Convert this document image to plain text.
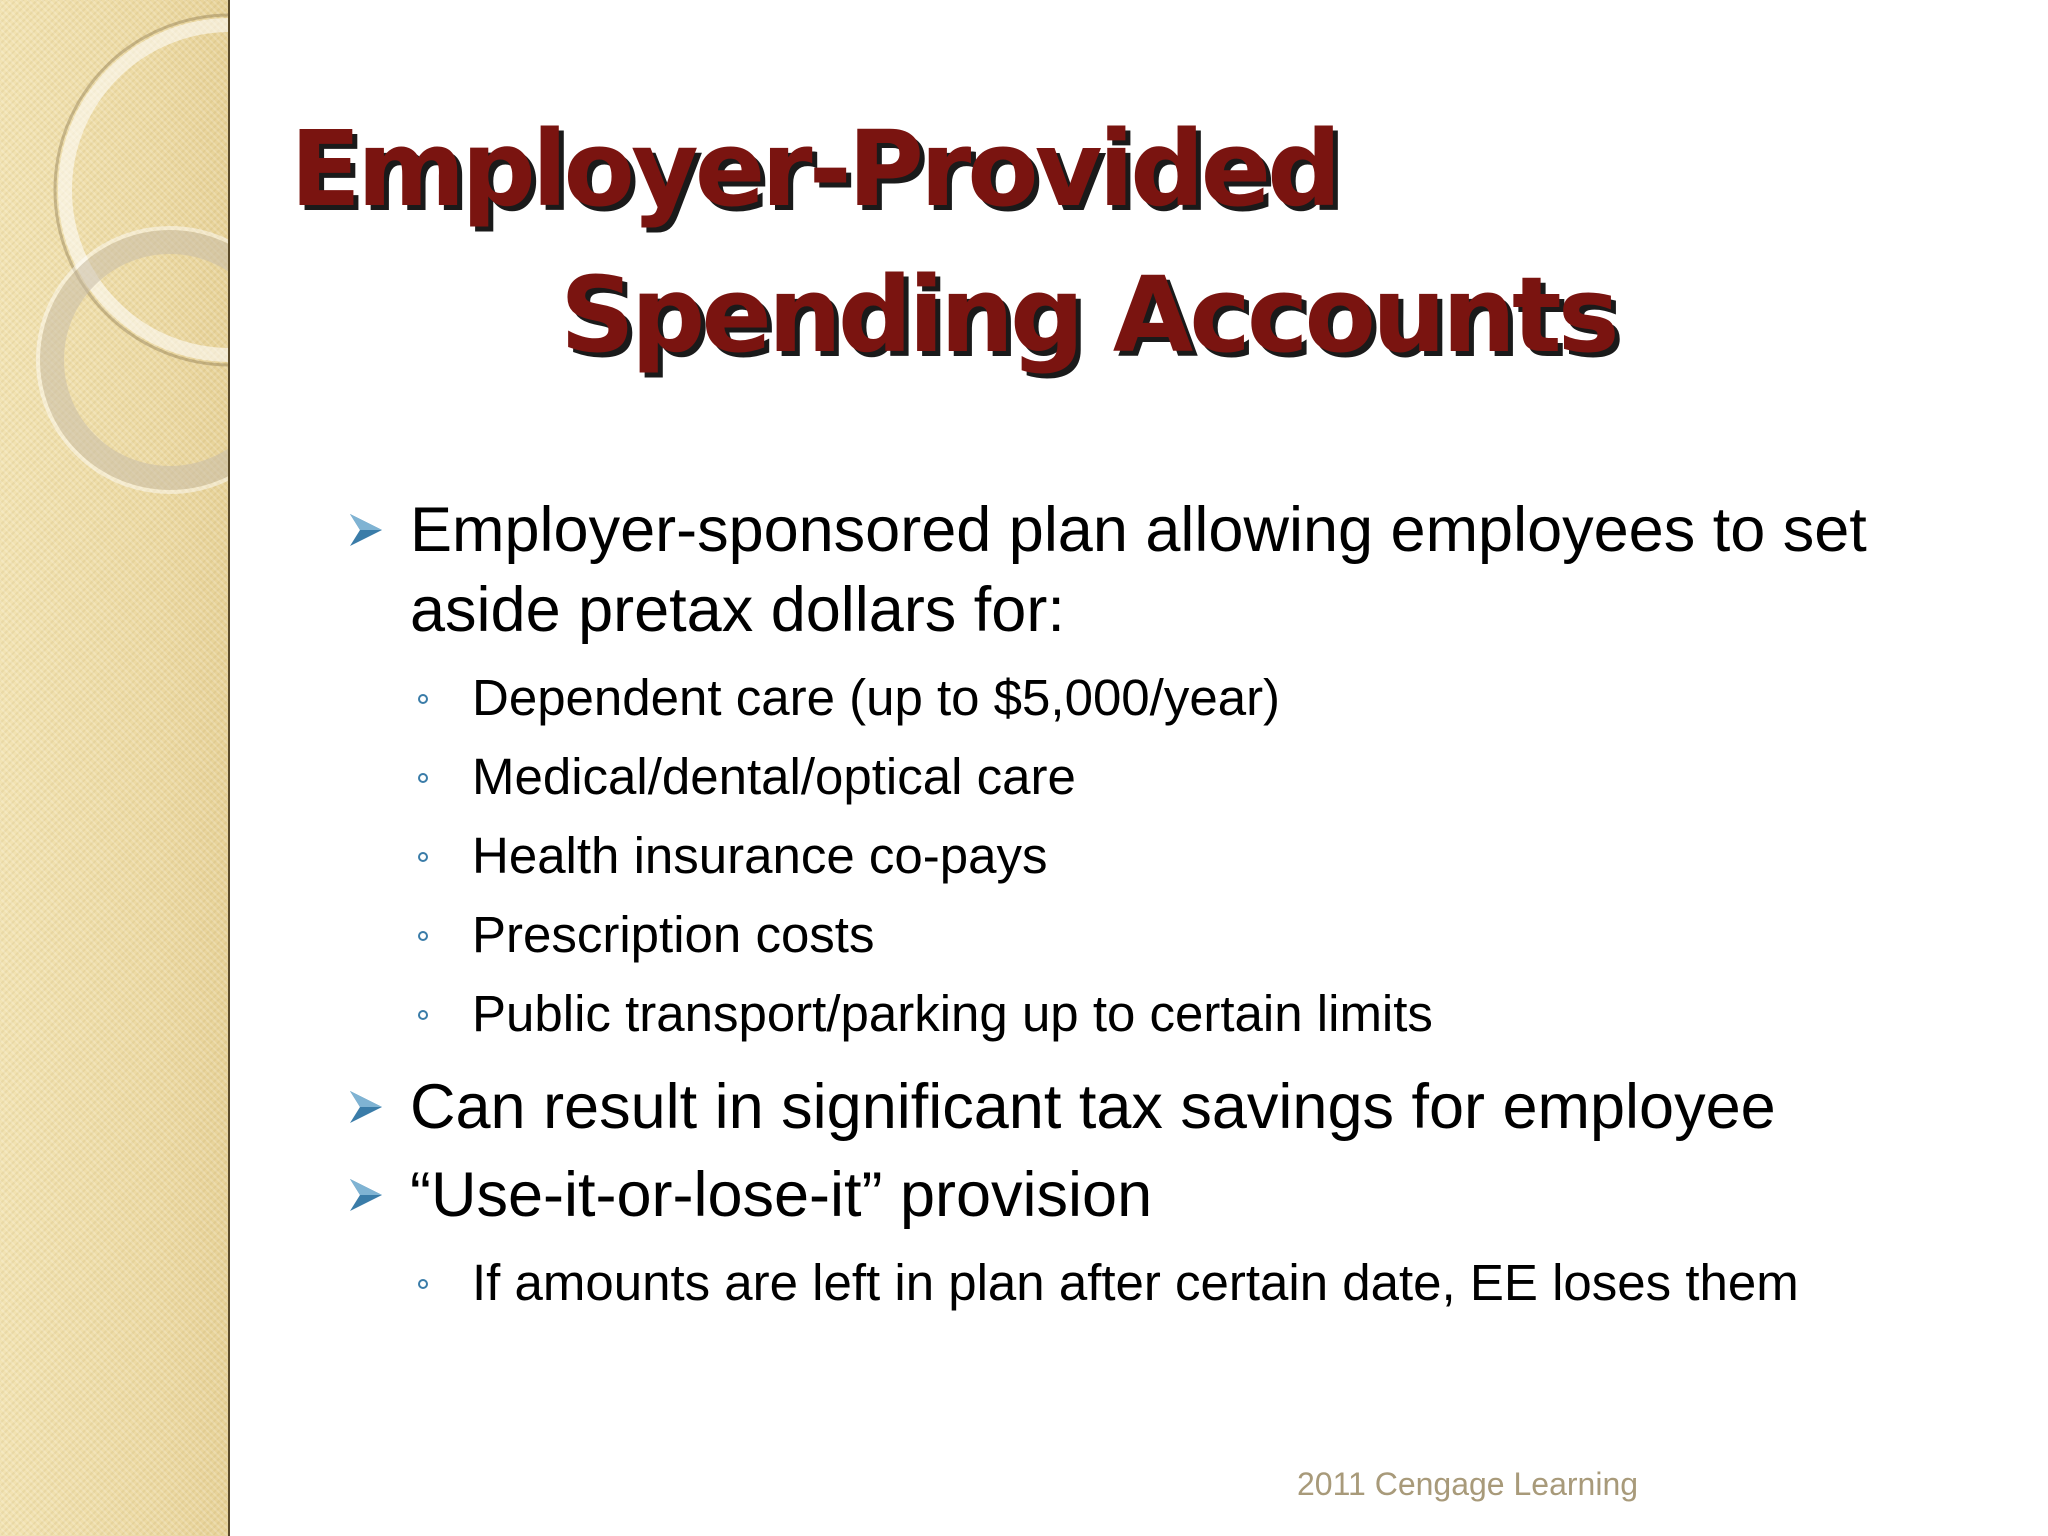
Employer-Provided
Spending Accounts
Employer-sponsored plan allowing employees to set aside pretax dollars for:
Dependent care (up to $5,000/year)
Medical/dental/optical care
Health insurance co-pays
Prescription costs
Public transport/parking up to certain limits
Can result in significant tax savings for employee
“Use-it-or-lose-it” provision
If amounts are left in plan after certain date, EE loses them
2011 Cengage Learning
